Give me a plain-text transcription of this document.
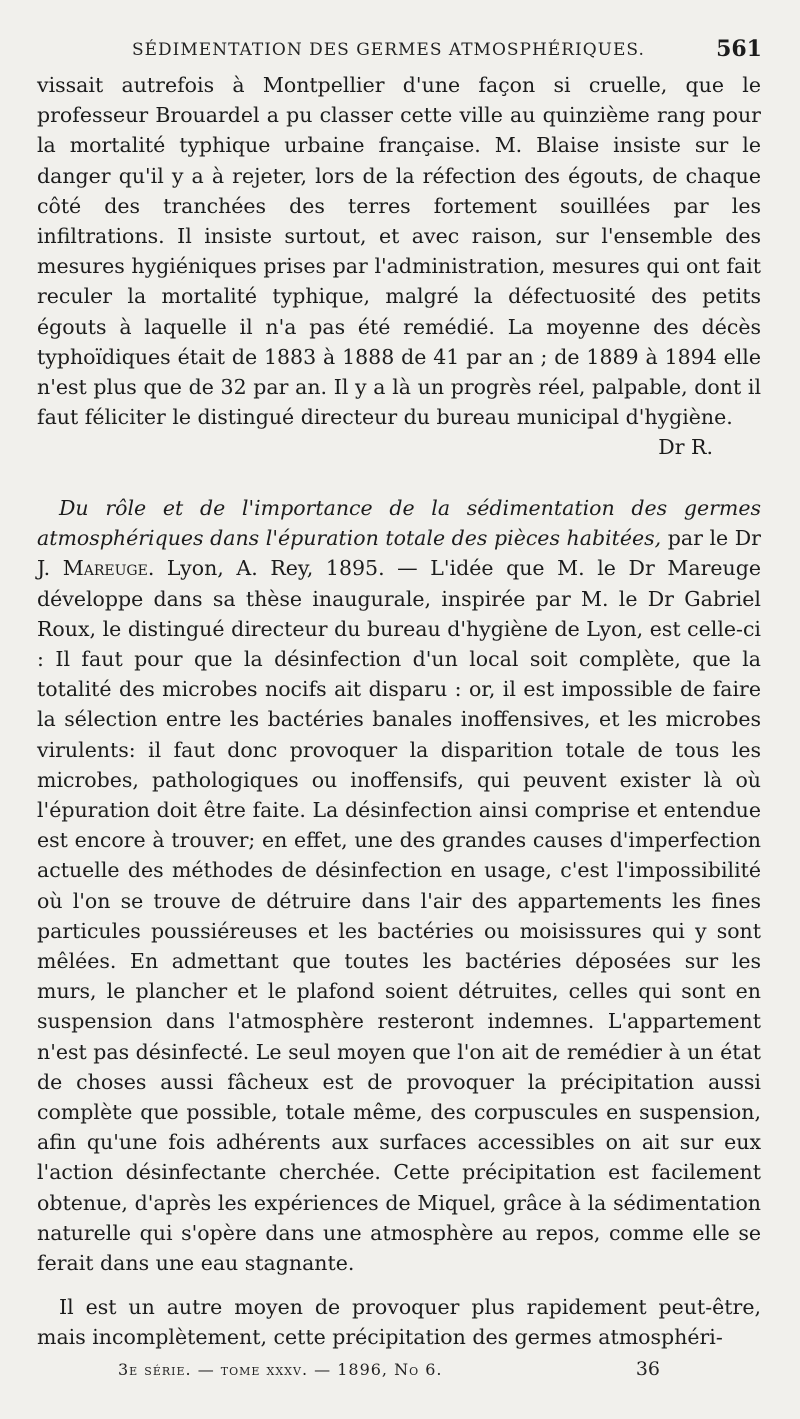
SÉDIMENTATION DES GERMES ATMOSPHÉRIQUES.	561
vissait autrefois à Montpellier d'une façon si cruelle, que le professeur Brouardel a pu classer cette ville au quinzième rang pour la mortalité typhique urbaine française. M. Blaise insiste sur le danger qu'il y a à rejeter, lors de la réfection des égouts, de chaque côté des tranchées des terres fortement souillées par les infiltrations. Il insiste surtout, et avec raison, sur l'ensemble des mesures hygiéniques prises par l'administration, mesures qui ont fait reculer la mortalité typhique, malgré la défectuosité des petits égouts à laquelle il n'a pas été remédié. La moyenne des décès typhoïdiques était de 1883 à 1888 de 41 par an ; de 1889 à 1894 elle n'est plus que de 32 par an. Il y a là un progrès réel, palpable, dont il faut féliciter le distingué directeur du bureau municipal d'hygiène.
Dr R.
Du rôle et de l'importance de la sédimentation des germes atmosphériques dans l'épuration totale des pièces habitées, par le Dr J. Mareuge. Lyon, A. Rey, 1895. — L'idée que M. le Dr Mareuge développe dans sa thèse inaugurale, inspirée par M. le Dr Gabriel Roux, le distingué directeur du bureau d'hygiène de Lyon, est celle-ci : Il faut pour que la désinfection d'un local soit complète, que la totalité des microbes nocifs ait disparu : or, il est impossible de faire la sélection entre les bactéries banales inoffensives, et les microbes virulents: il faut donc provoquer la disparition totale de tous les microbes, pathologiques ou inoffensifs, qui peuvent exister là où l'épuration doit être faite. La désinfection ainsi comprise et entendue est encore à trouver; en effet, une des grandes causes d'imperfection actuelle des méthodes de désinfection en usage, c'est l'impossibilité où l'on se trouve de détruire dans l'air des appartements les fines particules poussiéreuses et les bactéries ou moisissures qui y sont mêlées. En admettant que toutes les bactéries déposées sur les murs, le plancher et le plafond soient détruites, celles qui sont en suspension dans l'atmosphère resteront indemnes. L'appartement n'est pas désinfecté. Le seul moyen que l'on ait de remédier à un état de choses aussi fâcheux est de provoquer la précipitation aussi complète que possible, totale même, des corpuscules en suspension, afin qu'une fois adhérents aux surfaces accessibles on ait sur eux l'action désinfectante cherchée. Cette précipitation est facilement obtenue, d'après les expériences de Miquel, grâce à la sédimentation naturelle qui s'opère dans une atmosphère au repos, comme elle se ferait dans une eau stagnante.
Il est un autre moyen de provoquer plus rapidement peut-être, mais incomplètement, cette précipitation des germes atmosphéri-
3e série. — tome xxxv. — 1896, No 6.	36
